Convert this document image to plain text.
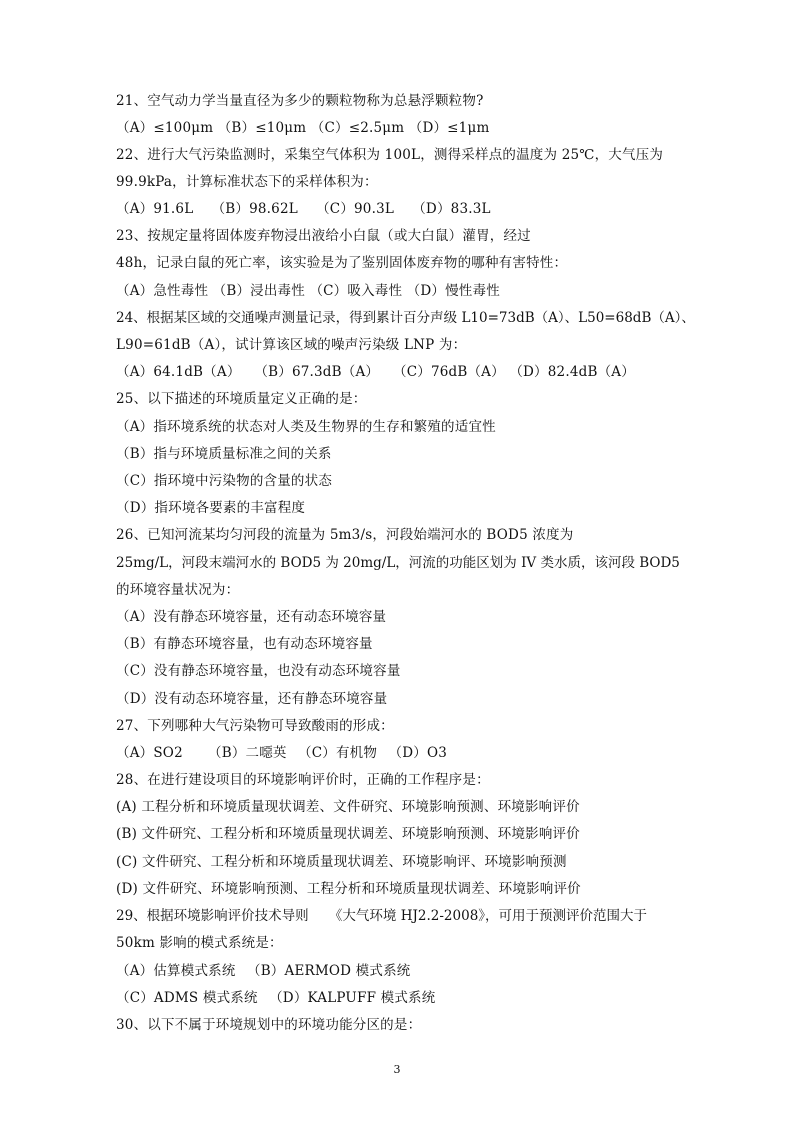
21、空气动力学当量直径为多少的颗粒物称为总悬浮颗粒物?
（A）≤100μm （B）≤10μm （C）≤2.5μm （D）≤1μm
22、进行大气污染监测时，采集空气体积为 100L，测得采样点的温度为 25℃，大气压为
99.9kPa，计算标准状态下的采样体积为：
（A）91.6L　 （B）98.62L　 （C）90.3L　 （D）83.3L
23、按规定量将固体废弃物浸出液给小白鼠（或大白鼠）灌胃，经过
48h，记录白鼠的死亡率，该实验是为了鉴别固体废弃物的哪种有害特性：
（A）急性毒性 （B）浸出毒性 （C）吸入毒性 （D）慢性毒性
24、根据某区域的交通噪声测量记录，得到累计百分声级 L10=73dB（A）、L50=68dB（A）、
L90=61dB（A），试计算该区域的噪声污染级 LNP 为：
（A）64.1dB（A）　　（B）67.3dB（A）　　（C）76dB（A） （D）82.4dB（A）
25、以下描述的环境质量定义正确的是：
（A）指环境系统的状态对人类及生物界的生存和繁殖的适宜性
（B）指与环境质量标准之间的关系
（C）指环境中污染物的含量的状态
（D）指环境各要素的丰富程度
26、已知河流某均匀河段的流量为 5m3/s，河段始端河水的 BOD5 浓度为
25mg/L，河段末端河水的 BOD5 为 20mg/L，河流的功能区划为 IV 类水质，该河段 BOD5
的环境容量状况为：
（A）没有静态环境容量，还有动态环境容量
（B）有静态环境容量，也有动态环境容量
（C）没有静态环境容量，也没有动态环境容量
（D）没有动态环境容量，还有静态环境容量
27、下列哪种大气污染物可导致酸雨的形成：
（A）SO2 　　（B）二噁英 　（C）有机物 　（D）O3
28、在进行建设项目的环境影响评价时，正确的工作程序是：
(A) 工程分析和环境质量现状调差、文件研究、环境影响预测、环境影响评价
(B) 文件研究、工程分析和环境质量现状调差、环境影响预测、环境影响评价
(C) 文件研究、工程分析和环境质量现状调差、环境影响评、环境影响预测
(D) 文件研究、环境影响预测、工程分析和环境质量现状调差、环境影响评价
29、根据环境影响评价技术导则　　《大气环境 HJ2.2-2008》，可用于预测评价范围大于
50km 影响的模式系统是：
（A）估算模式系统 　（B）AERMOD 模式系统
（C）ADMS 模式系统 　（D）KALPUFF 模式系统
30、以下不属于环境规划中的环境功能分区的是：
3
